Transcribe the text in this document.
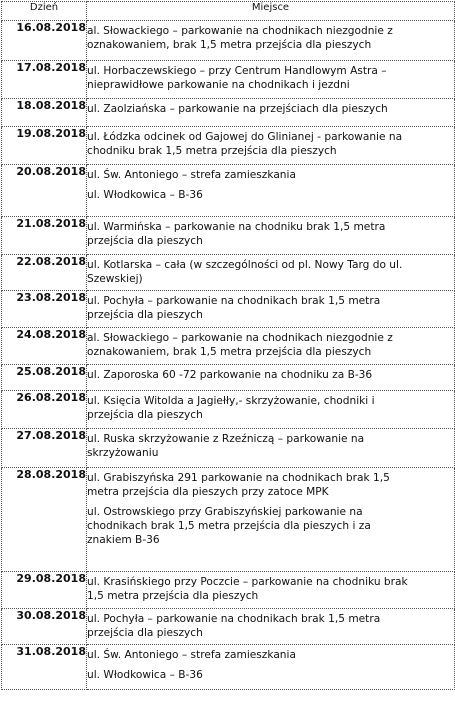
Dzień	Miejsce
16.08.2018	al. Słowackiego – parkowanie na chodnikach niezgodnie z
oznakowaniem, brak 1,5 metra przejścia dla pieszych

17.08.2018	ul. Horbaczewskiego – przy Centrum Handlowym Astra –
nieprawidłowe parkowanie na chodnikach i jezdni

18.08.2018	ul. Zaolziańska – parkowanie na przejściach dla pieszych

19.08.2018	ul. Łódzka odcinek od Gajowej do Glinianej - parkowanie na
chodniku brak 1,5 metra przejścia dla pieszych

20.08.2018	ul. Św. Antoniego – strefa zamieszkania

ul. Włodkowica – B-36

21.08.2018	ul. Warmińska – parkowanie na chodniku brak 1,5 metra
przejścia dla pieszych

22.08.2018	ul. Kotlarska – cała (w szczególności od pl. Nowy Targ do ul.
Szewskiej)

23.08.2018	ul. Pochyła – parkowanie na chodnikach brak 1,5 metra
przejścia dla pieszych

24.08.2018	al. Słowackiego – parkowanie na chodnikach niezgodnie z
oznakowaniem, brak 1,5 metra przejścia dla pieszych

25.08.2018	ul. Zaporoska 60 -72 parkowanie na chodniku za B-36

26.08.2018	ul. Księcia Witolda a Jagiełły,- skrzyżowanie, chodniki i
przejścia dla pieszych

27.08.2018	ul. Ruska skrzyżowanie z Rzeźniczą – parkowanie na
skrzyżowaniu

28.08.2018	ul. Grabiszyńska 291 parkowanie na chodnikach brak 1,5
metra przejścia dla pieszych przy zatoce MPK

ul. Ostrowskiego przy Grabiszyńskiej parkowanie na
chodnikach brak 1,5 metra przejścia dla pieszych i za
znakiem B-36

29.08.2018	ul. Krasińskiego przy Poczcie – parkowanie na chodniku brak
1,5 metra przejścia dla pieszych

30.08.2018	ul. Pochyła – parkowanie na chodnikach brak 1,5 metra
przejścia dla pieszych

31.08.2018	ul. Św. Antoniego – strefa zamieszkania

ul. Włodkowica – B-36
